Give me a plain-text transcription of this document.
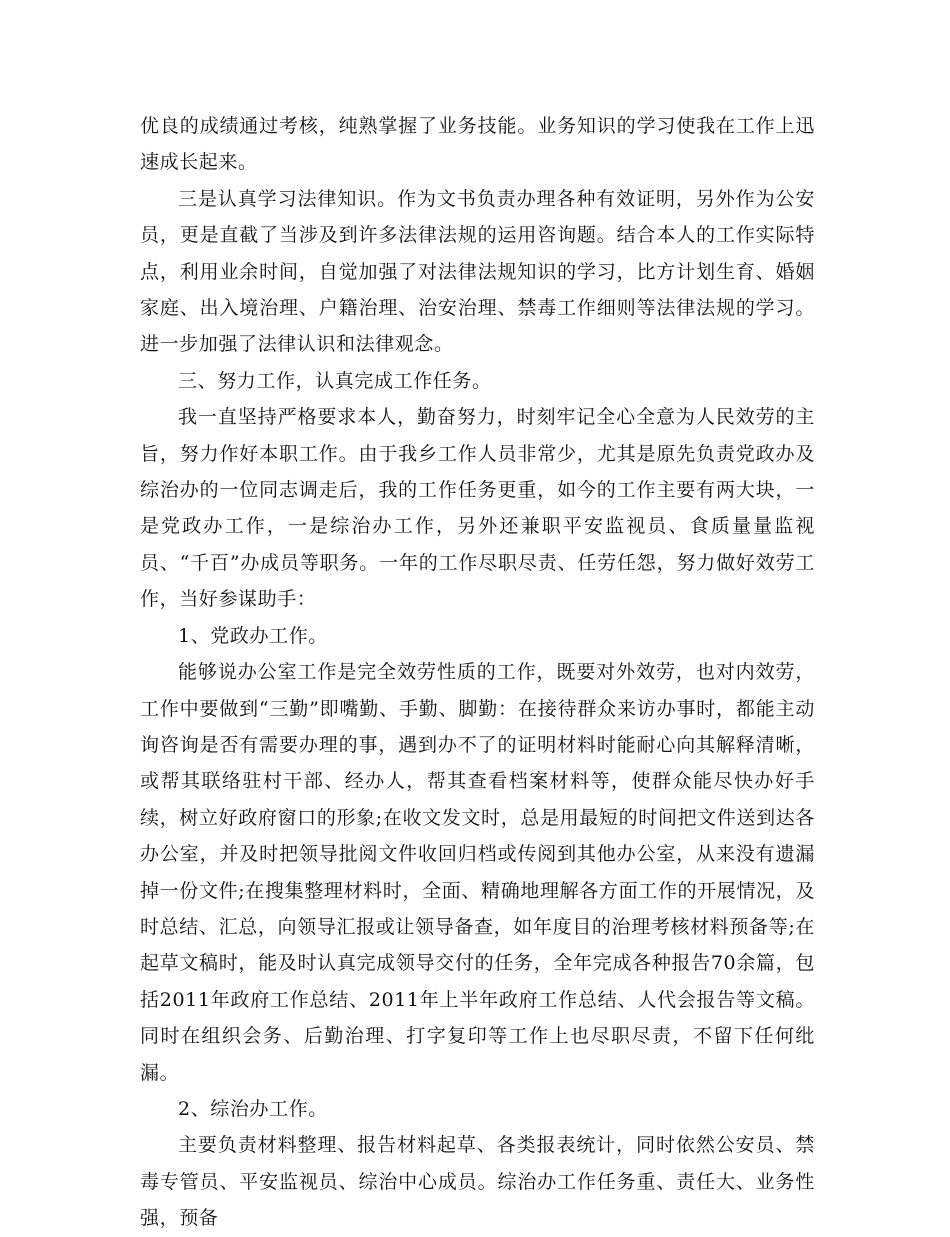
优良的成绩通过考核，纯熟掌握了业务技能。业务知识的学习使我在工作上迅速成长起来。

三是认真学习法律知识。作为文书负责办理各种有效证明，另外作为公安员，更是直截了当涉及到许多法律法规的运用咨询题。结合本人的工作实际特点，利用业余时间，自觉加强了对法律法规知识的学习，比方计划生育、婚姻家庭、出入境治理、户籍治理、治安治理、禁毒工作细则等法律法规的学习。进一步加强了法律认识和法律观念。

三、努力工作，认真完成工作任务。

我一直坚持严格要求本人，勤奋努力，时刻牢记全心全意为人民效劳的主旨，努力作好本职工作。由于我乡工作人员非常少，尤其是原先负责党政办及综治办的一位同志调走后，我的工作任务更重，如今的工作主要有两大块，一是党政办工作，一是综治办工作，另外还兼职平安监视员、食质量量监视员、“千百”办成员等职务。一年的工作尽职尽责、任劳任怨，努力做好效劳工作，当好参谋助手：

1、党政办工作。

能够说办公室工作是完全效劳性质的工作，既要对外效劳，也对内效劳，工作中要做到“三勤”即嘴勤、手勤、脚勤：在接待群众来访办事时，都能主动询咨询是否有需要办理的事，遇到办不了的证明材料时能耐心向其解释清晰，或帮其联络驻村干部、经办人，帮其查看档案材料等，使群众能尽快办好手续，树立好政府窗口的形象;在收文发文时，总是用最短的时间把文件送到达各办公室，并及时把领导批阅文件收回归档或传阅到其他办公室，从来没有遗漏掉一份文件;在搜集整理材料时，全面、精确地理解各方面工作的开展情况，及时总结、汇总，向领导汇报或让领导备查，如年度目的治理考核材料预备等;在起草文稿时，能及时认真完成领导交付的任务，全年完成各种报告70余篇，包括2011年政府工作总结、2011年上半年政府工作总结、人代会报告等文稿。同时在组织会务、后勤治理、打字复印等工作上也尽职尽责，不留下任何纰漏。

2、综治办工作。

主要负责材料整理、报告材料起草、各类报表统计，同时依然公安员、禁毒专管员、平安监视员、综治中心成员。综治办工作任务重、责任大、业务性强，预备
